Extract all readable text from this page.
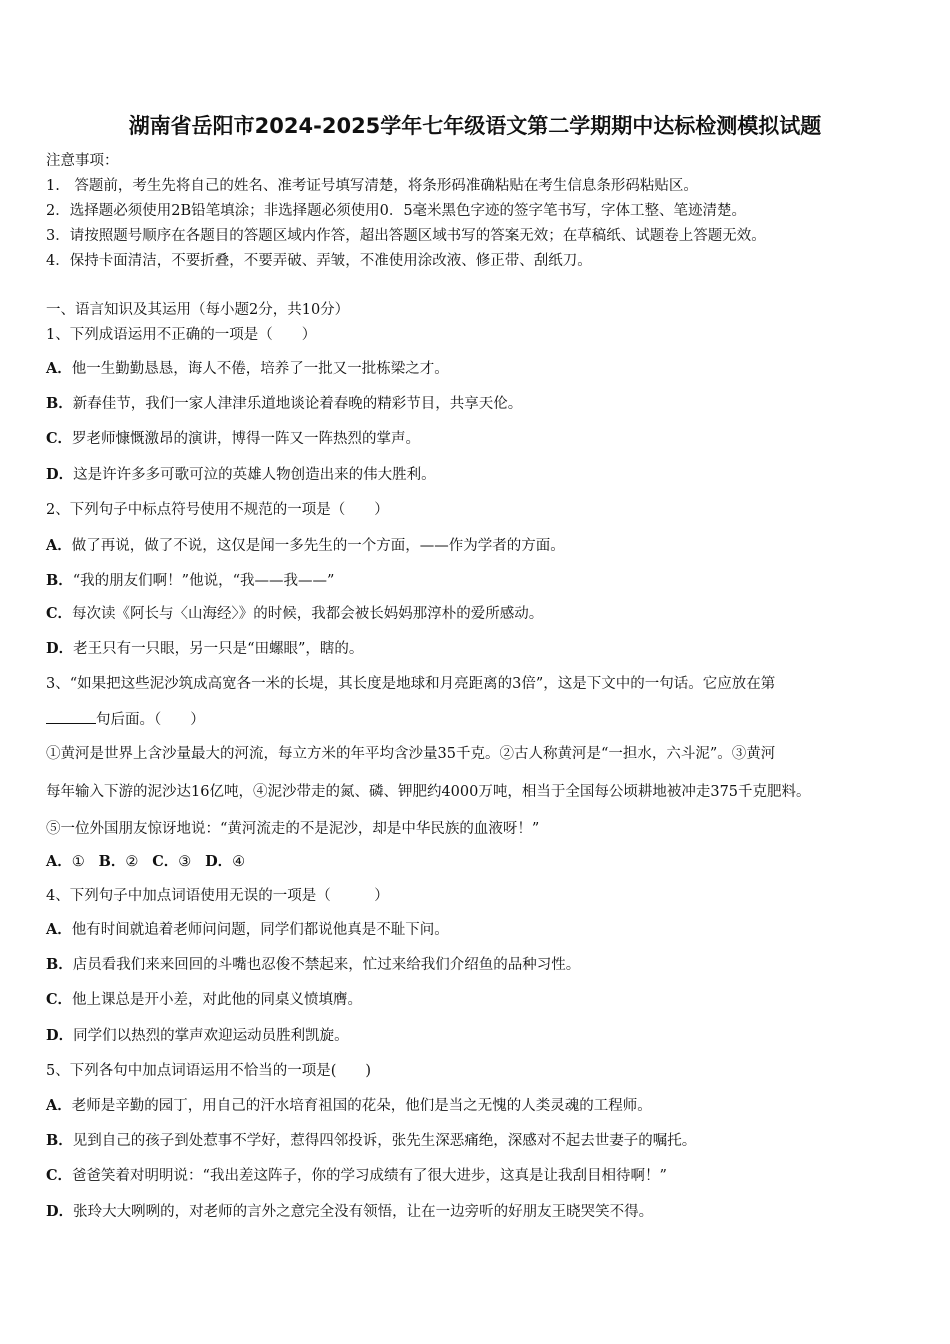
湖南省岳阳市2024-2025学年七年级语文第二学期期中达标检测模拟试题
注意事项：
1.　答题前，考生先将自己的姓名、准考证号填写清楚，将条形码准确粘贴在考生信息条形码粘贴区。
2．选择题必须使用2B铅笔填涂；非选择题必须使用0．5毫米黑色字迹的签字笔书写，字体工整、笔迹清楚。
3．请按照题号顺序在各题目的答题区域内作答，超出答题区域书写的答案无效；在草稿纸、试题卷上答题无效。
4．保持卡面清洁，不要折叠，不要弄破、弄皱，不准使用涂改液、修正带、刮纸刀。
一、语言知识及其运用（每小题2分，共10分）
1、下列成语运用不正确的一项是（　　）
A．他一生勤勤恳恳，诲人不倦，培养了一批又一批栋梁之才。
B．新春佳节，我们一家人津津乐道地谈论着春晚的精彩节目，共享天伦。
C．罗老师慷慨激昂的演讲，博得一阵又一阵热烈的掌声。
D．这是许许多多可歌可泣的英雄人物创造出来的伟大胜利。
2、下列句子中标点符号使用不规范的一项是（　　）
A．做了再说，做了不说，这仅是闻一多先生的一个方面，——作为学者的方面。
B．“我的朋友们啊！”他说，“我——我——”
C．每次读《阿长与〈山海经〉》的时候，我都会被长妈妈那淳朴的爱所感动。
D．老王只有一只眼，另一只是“田螺眼”，瞎的。
3、“如果把这些泥沙筑成高宽各一米的长堤，其长度是地球和月亮距离的3倍”，这是下文中的一句话。它应放在第
句后面。（　　）
①黄河是世界上含沙量最大的河流，每立方米的年平均含沙量35千克。②古人称黄河是“一担水，六斗泥”。③黄河
每年输入下游的泥沙达16亿吨，④泥沙带走的氮、磷、钾肥约4000万吨，相当于全国每公顷耕地被冲走375千克肥料。
⑤一位外国朋友惊讶地说：“黄河流走的不是泥沙，却是中华民族的血液呀！”
A．① B．② C．③ D．④
4、下列句子中加点词语使用无误的一项是（　　　）
A．他有时间就追着老师问问题，同学们都说他真是不耻下问。
B．店员看我们来来回回的斗嘴也忍俊不禁起来，忙过来给我们介绍鱼的品种习性。
C．他上课总是开小差，对此他的同桌义愤填膺。
D．同学们以热烈的掌声欢迎运动员胜利凯旋。
5、下列各句中加点词语运用不恰当的一项是(　　)
A．老师是辛勤的园丁，用自己的汗水培育祖国的花朵，他们是当之无愧的人类灵魂的工程师。
B．见到自己的孩子到处惹事不学好，惹得四邻投诉，张先生深恶痛绝，深感对不起去世妻子的嘱托。
C．爸爸笑着对明明说：“我出差这阵子，你的学习成绩有了很大进步，这真是让我刮目相待啊！”
D．张玲大大咧咧的，对老师的言外之意完全没有领悟，让在一边旁听的好朋友王晓哭笑不得。
